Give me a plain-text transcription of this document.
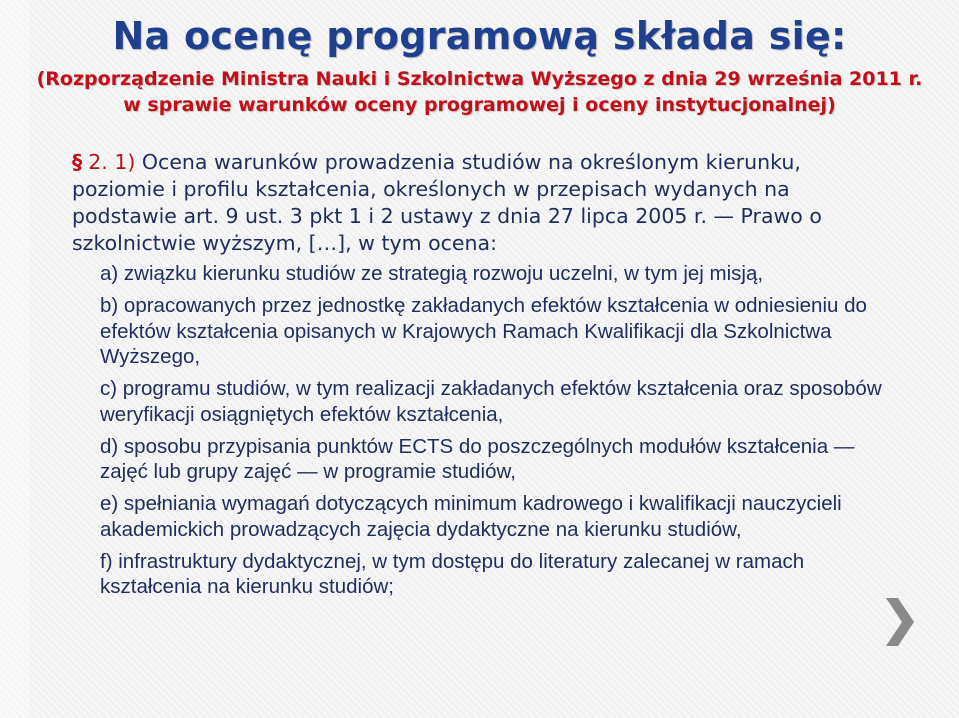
Na ocenę programową składa się:
(Rozporządzenie Ministra Nauki i Szkolnictwa Wyższego z dnia 29 września 2011 r.
w sprawie warunków oceny programowej i oceny instytucjonalnej)

§ 2. 1) Ocena warunków prowadzenia studiów na określonym kierunku, poziomie i profilu kształcenia, określonych w przepisach wydanych na podstawie art. 9 ust. 3 pkt 1 i 2 ustawy z dnia 27 lipca 2005 r. — Prawo o szkolnictwie wyższym, […], w tym ocena:

a) związku kierunku studiów ze strategią rozwoju uczelni, w tym jej misją,
b) opracowanych przez jednostkę zakładanych efektów kształcenia w odniesieniu do efektów kształcenia opisanych w Krajowych Ramach Kwalifikacji dla Szkolnictwa Wyższego,
c) programu studiów, w tym realizacji zakładanych efektów kształcenia oraz sposobów weryfikacji osiągniętych efektów kształcenia,
d) sposobu przypisania punktów ECTS do poszczególnych modułów kształcenia — zajęć lub grupy zajęć — w programie studiów,
e) spełniania wymagań dotyczących minimum kadrowego i kwalifikacji nauczycieli akademickich prowadzących zajęcia dydaktyczne na kierunku studiów,
f) infrastruktury dydaktycznej, w tym dostępu do literatury zalecanej w ramach kształcenia na kierunku studiów;
